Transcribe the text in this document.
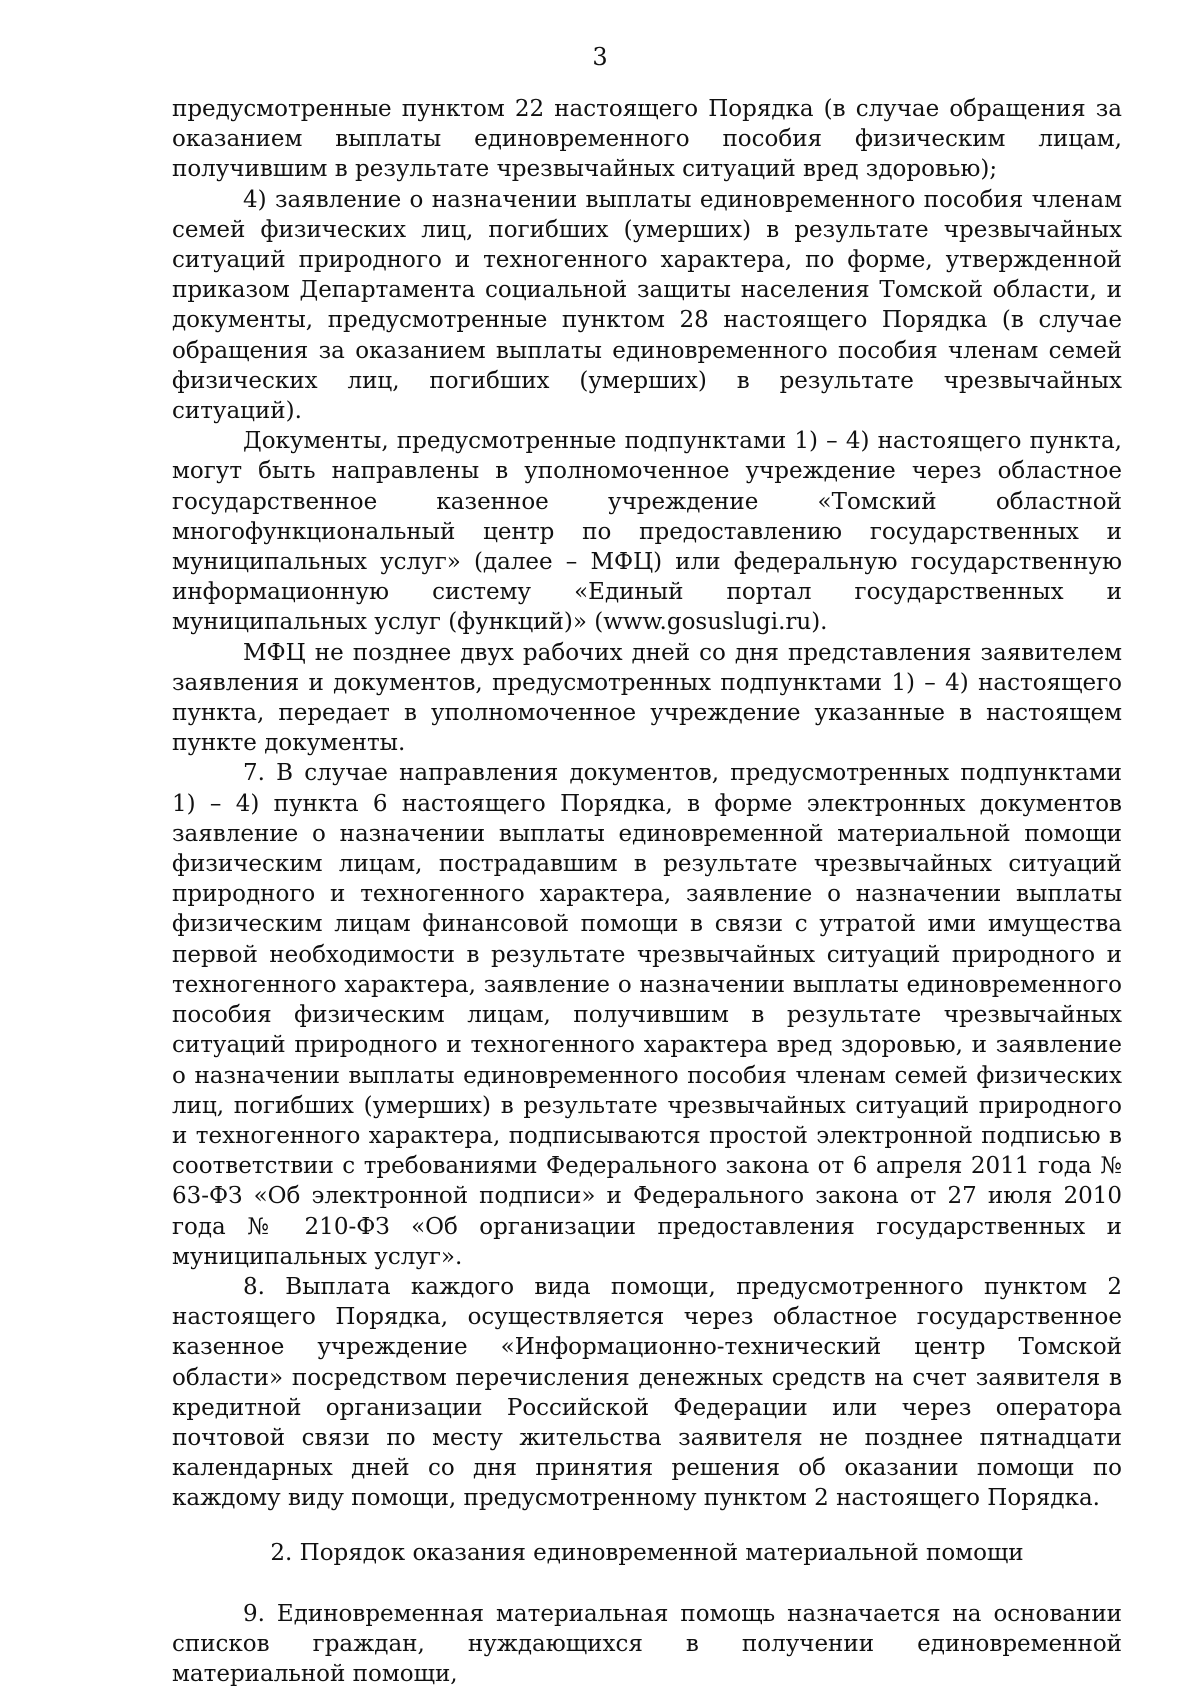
3

предусмотренные пунктом 22 настоящего Порядка (в случае обращения за оказанием выплаты единовременного пособия физическим лицам, получившим в результате чрезвычайных ситуаций вред здоровью);

4) заявление о назначении выплаты единовременного пособия членам семей физических лиц, погибших (умерших) в результате чрезвычайных ситуаций природного и техногенного характера, по форме, утвержденной приказом Департамента социальной защиты населения Томской области, и документы, предусмотренные пунктом 28 настоящего Порядка (в случае обращения за оказанием выплаты единовременного пособия членам семей физических лиц, погибших (умерших) в результате чрезвычайных ситуаций).

Документы, предусмотренные подпунктами 1) – 4) настоящего пункта, могут быть направлены в уполномоченное учреждение через областное государственное казенное учреждение «Томский областной многофункциональный центр по предоставлению государственных и муниципальных услуг» (далее – МФЦ) или федеральную государственную информационную систему «Единый портал государственных и муниципальных услуг (функций)» (www.gosuslugi.ru).

МФЦ не позднее двух рабочих дней со дня представления заявителем заявления и документов, предусмотренных подпунктами 1) – 4) настоящего пункта, передает в уполномоченное учреждение указанные в настоящем пункте документы.

7. В случае направления документов, предусмотренных подпунктами 1) – 4) пункта 6 настоящего Порядка, в форме электронных документов заявление о назначении выплаты единовременной материальной помощи физическим лицам, пострадавшим в результате чрезвычайных ситуаций природного и техногенного характера, заявление о назначении выплаты физическим лицам финансовой помощи в связи с утратой ими имущества первой необходимости в результате чрезвычайных ситуаций природного и техногенного характера, заявление о назначении выплаты единовременного пособия физическим лицам, получившим в результате чрезвычайных ситуаций природного и техногенного характера вред здоровью, и заявление о назначении выплаты единовременного пособия членам семей физических лиц, погибших (умерших) в результате чрезвычайных ситуаций природного и техногенного характера, подписываются простой электронной подписью в соответствии с требованиями Федерального закона от 6 апреля 2011 года № 63-ФЗ «Об электронной подписи» и Федерального закона от 27 июля 2010 года № 210-ФЗ «Об организации предоставления государственных и муниципальных услуг».

8. Выплата каждого вида помощи, предусмотренного пунктом 2 настоящего Порядка, осуществляется через областное государственное казенное учреждение «Информационно-технический центр Томской области» посредством перечисления денежных средств на счет заявителя в кредитной организации Российской Федерации или через оператора почтовой связи по месту жительства заявителя не позднее пятнадцати календарных дней со дня принятия решения об оказании помощи по каждому виду помощи, предусмотренному пунктом 2 настоящего Порядка.

2. Порядок оказания единовременной материальной помощи

9. Единовременная материальная помощь назначается на основании списков граждан, нуждающихся в получении единовременной материальной помощи,
